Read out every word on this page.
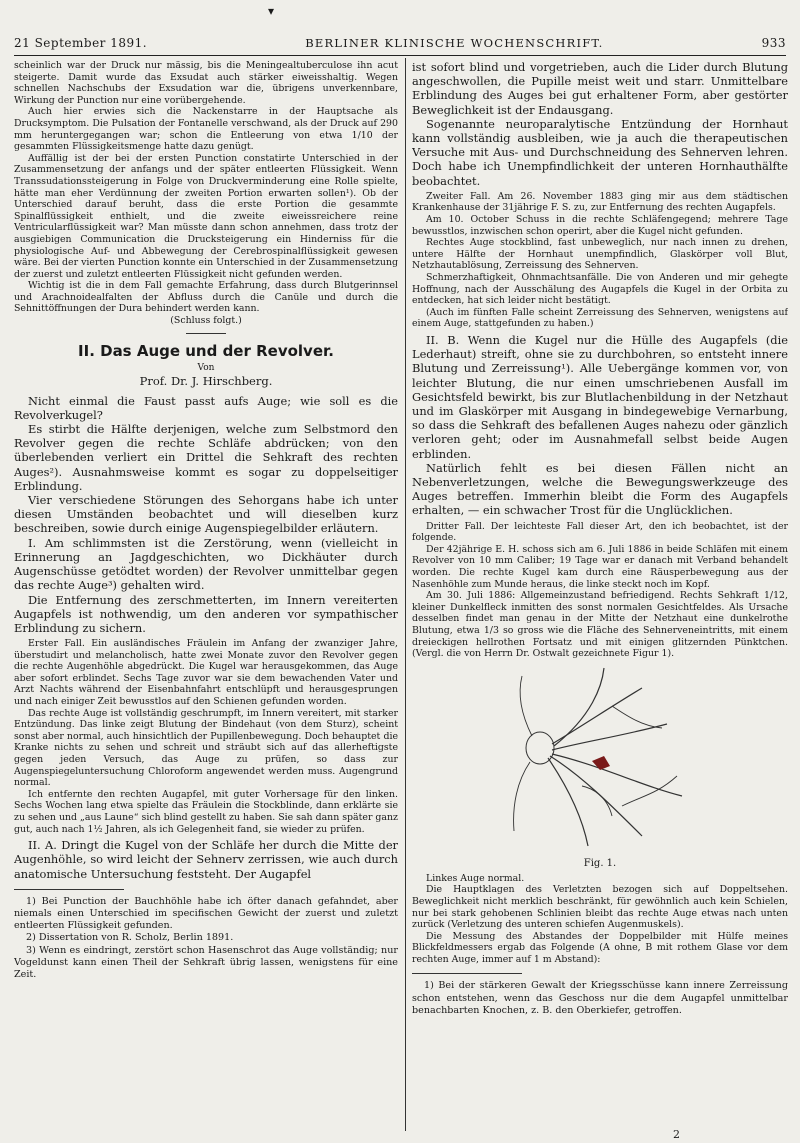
▾
21 September 1891.	BERLINER KLINISCHE WOCHENSCHRIFT.	933

scheinlich war der Druck nur mässig, bis die Meningealtuberculose ihn acut steigerte. Damit wurde das Exsudat auch stärker eiweisshaltig. Wegen schnellen Nachschubs der Exsudation war die, übrigens unverkennbare, Wirkung der Punction nur eine vorübergehende.

Auch hier erwies sich die Nackenstarre in der Hauptsache als Drucksymptom. Die Pulsation der Fontanelle verschwand, als der Druck auf 290 mm heruntergegangen war; schon die Entleerung von etwa 1/10 der gesammten Flüssigkeitsmenge hatte dazu genügt.

Auffällig ist der bei der ersten Punction constatirte Unterschied in der Zusammensetzung der anfangs und der später entleerten Flüssigkeit. Wenn Transsudationssteigerung in Folge von Druckverminderung eine Rolle spielte, hätte man eher Verdünnung der zweiten Portion erwarten sollen¹). Ob der Unterschied darauf beruht, dass die erste Portion die gesammte Spinalflüssigkeit enthielt, und die zweite eiweissreichere reine Ventricularflüssigkeit war? Man müsste dann schon annehmen, dass trotz der ausgiebigen Communication die Drucksteigerung ein Hinderniss für die physiologische Auf- und Abbewegung der Cerebrospinalflüssigkeit gewesen wäre. Bei der vierten Punction konnte ein Unterschied in der Zusammensetzung der zuerst und zuletzt entleerten Flüssigkeit nicht gefunden werden.

Wichtig ist die in dem Fall gemachte Erfahrung, dass durch Blutgerinnsel und Arachnoidealfalten der Abfluss durch die Canüle und durch die Sehnittöffnungen der Dura behindert werden kann.

(Schluss folgt.)

II. Das Auge und der Revolver.

Von

Prof. Dr. J. Hirschberg.

Nicht einmal die Faust passt aufs Auge; wie soll es die Revolverkugel?

Es stirbt die Hälfte derjenigen, welche zum Selbstmord den Revolver gegen die rechte Schläfe abdrücken; von den überlebenden verliert ein Drittel die Sehkraft des rechten Auges²). Ausnahmsweise kommt es sogar zu doppelseitiger Erblindung.

Vier verschiedene Störungen des Sehorgans habe ich unter diesen Umständen beobachtet und will dieselben kurz beschreiben, sowie durch einige Augenspiegelbilder erläutern.

I. Am schlimmsten ist die Zerstörung, wenn (vielleicht in Erinnerung an Jagdgeschichten, wo Dickhäuter durch Augenschüsse getödtet worden) der Revolver unmittelbar gegen das rechte Auge³) gehalten wird.

Die Entfernung des zerschmetterten, im Innern vereiterten Augapfels ist nothwendig, um den anderen vor sympathischer Erblindung zu sichern.

Erster Fall. Ein ausländisches Fräulein im Anfang der zwanziger Jahre, überstudirt und melancholisch, hatte zwei Monate zuvor den Revolver gegen die rechte Augenhöhle abgedrückt. Die Kugel war herausgekommen, das Auge aber sofort erblindet. Sechs Tage zuvor war sie dem bewachenden Vater und Arzt Nachts während der Eisenbahnfahrt entschlüpft und herausgesprungen und nach einiger Zeit bewusstlos auf den Schienen gefunden worden.

Das rechte Auge ist vollständig geschrumpft, im Innern vereitert, mit starker Entzündung. Das linke zeigt Blutung der Bindehaut (von dem Sturz), scheint sonst aber normal, auch hinsichtlich der Pupillenbewegung. Doch behauptet die Kranke nichts zu sehen und schreit und sträubt sich auf das allerheftigste gegen jeden Versuch, das Auge zu prüfen, so dass zur Augenspiegeluntersuchung Chloroform angewendet werden muss. Augengrund normal.

Ich entfernte den rechten Augapfel, mit guter Vorhersage für den linken. Sechs Wochen lang etwa spielte das Fräulein die Stockblinde, dann erklärte sie zu sehen und „aus Laune“ sich blind gestellt zu haben. Sie sah dann später ganz gut, auch nach 1½ Jahren, als ich Gelegenheit fand, sie wieder zu prüfen.

II. A. Dringt die Kugel von der Schläfe her durch die Mitte der Augenhöhle, so wird leicht der Sehnerv zerrissen, wie auch durch anatomische Untersuchung feststeht. Der Augapfel

1) Bei Punction der Bauchhöhle habe ich öfter danach gefahndet, aber niemals einen Unterschied im specifischen Gewicht der zuerst und zuletzt entleerten Flüssigkeit gefunden.

2) Dissertation von R. Scholz, Berlin 1891.

3) Wenn es eindringt, zerstört schon Hasenschrot das Auge vollständig; nur Vogeldunst kann einen Theil der Sehkraft übrig lassen, wenigstens für eine Zeit.

ist sofort blind und vorgetrieben, auch die Lider durch Blutung angeschwollen, die Pupille meist weit und starr. Unmittelbare Erblindung des Auges bei gut erhaltener Form, aber gestörter Beweglichkeit ist der Endausgang.

Sogenannte neuroparalytische Entzündung der Hornhaut kann vollständig ausbleiben, wie ja auch die therapeutischen Versuche mit Aus- und Durchschneidung des Sehnerven lehren. Doch habe ich Unempfindlichkeit der unteren Hornhauthälfte beobachtet.

Zweiter Fall. Am 26. November 1883 ging mir aus dem städtischen Krankenhause der 31jährige F. S. zu, zur Entfernung des rechten Augapfels.

Am 10. October Schuss in die rechte Schläfengegend; mehrere Tage bewusstlos, inzwischen schon operirt, aber die Kugel nicht gefunden.

Rechtes Auge stockblind, fast unbeweglich, nur nach innen zu drehen, untere Hälfte der Hornhaut unempfindlich, Glaskörper voll Blut, Netzhautablösung, Zerreissung des Sehnerven.

Schmerzhaftigkeit, Ohnmachtsanfälle. Die von Anderen und mir gehegte Hoffnung, nach der Ausschälung des Augapfels die Kugel in der Orbita zu entdecken, hat sich leider nicht bestätigt.

(Auch im fünften Falle scheint Zerreissung des Sehnerven, wenigstens auf einem Auge, stattgefunden zu haben.)

II. B. Wenn die Kugel nur die Hülle des Augapfels (die Lederhaut) streift, ohne sie zu durchbohren, so entsteht innere Blutung und Zerreissung¹). Alle Uebergänge kommen vor, von leichter Blutung, die nur einen umschriebenen Ausfall im Gesichtsfeld bewirkt, bis zur Blutlachenbildung in der Netzhaut und im Glaskörper mit Ausgang in bindegewebige Vernarbung, so dass die Sehkraft des befallenen Auges nahezu oder gänzlich verloren geht; oder im Ausnahmefall selbst beide Augen erblinden.

Natürlich fehlt es bei diesen Fällen nicht an Nebenverletzungen, welche die Bewegungswerkzeuge des Auges betreffen. Immerhin bleibt die Form des Augapfels erhalten, — ein schwacher Trost für die Unglücklichen.

Dritter Fall. Der leichteste Fall dieser Art, den ich beobachtet, ist der folgende.

Der 42jährige E. H. schoss sich am 6. Juli 1886 in beide Schläfen mit einem Revolver von 10 mm Caliber; 19 Tage war er danach mit Verband behandelt worden. Die rechte Kugel kam durch eine Räusperbewegung aus der Nasenhöhle zum Munde heraus, die linke steckt noch im Kopf.

Am 30. Juli 1886: Allgemeinzustand befriedigend. Rechts Sehkraft 1/12, kleiner Dunkelfleck inmitten des sonst normalen Gesichtfeldes. Als Ursache desselben findet man genau in der Mitte der Netzhaut eine dunkelrothe Blutung, etwa 1/3 so gross wie die Fläche des Sehnerveneintritts, mit einem dreieckigen hellrothen Fortsatz und mit einigen glitzernden Pünktchen. (Vergl. die von Herrn Dr. Ostwalt gezeichnete Figur 1).

Fig. 1.

Linkes Auge normal.

Die Hauptklagen des Verletzten bezogen sich auf Doppeltsehen. Beweglichkeit nicht merklich beschränkt, für gewöhnlich auch kein Schielen, nur bei stark gehobenen Schlinien bleibt das rechte Auge etwas nach unten zurück (Verletzung des unteren schiefen Augenmuskels).

Die Messung des Abstandes der Doppelbilder mit Hülfe meines Blickfeldmessers ergab das Folgende (A ohne, B mit rothem Glase vor dem rechten Auge, immer auf 1 m Abstand):

1) Bei der stärkeren Gewalt der Kriegsschüsse kann innere Zerreissung schon entstehen, wenn das Geschoss nur die dem Augapfel unmittelbar benachbarten Knochen, z. B. den Oberkiefer, getroffen.

2
